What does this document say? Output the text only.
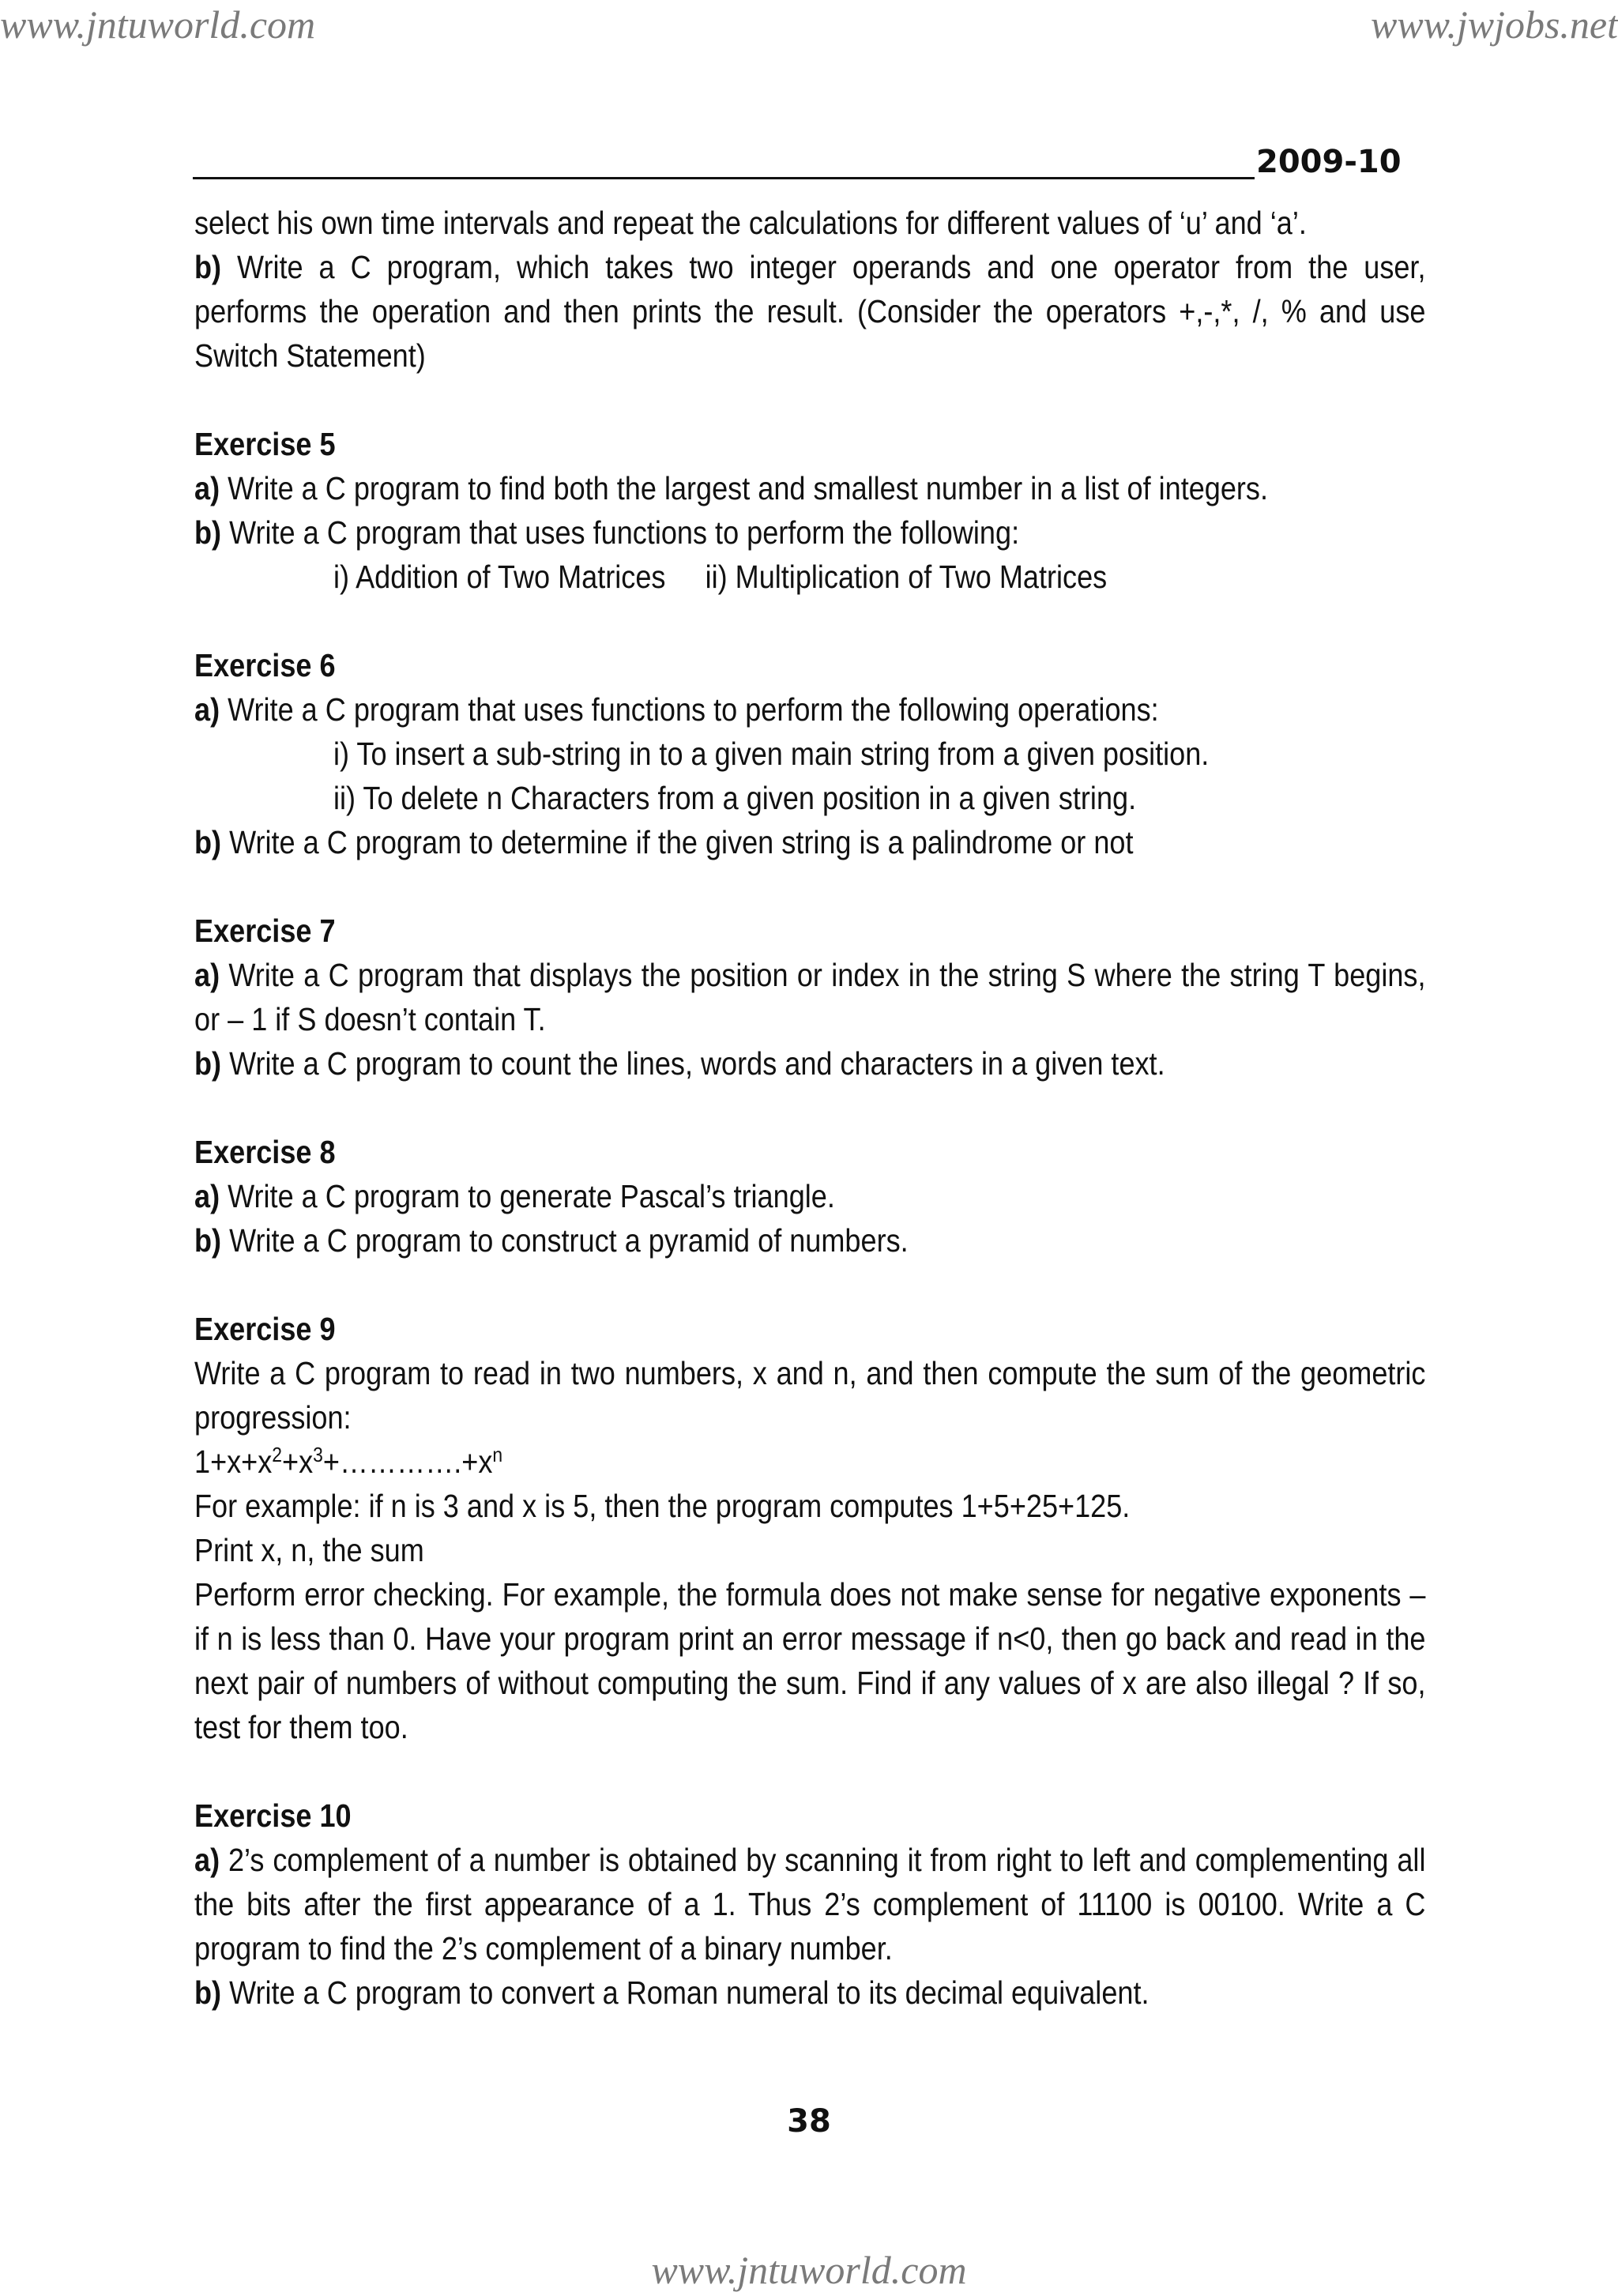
www.jntuworld.com	www.jwjobs.net
2009-10

select his own time intervals and repeat the calculations for different values of ‘u’ and ‘a’.

b) Write a C program, which takes two integer operands and one operator from the user, performs the operation and then prints the result. (Consider the operators +,-,*, /, % and use Switch Statement)

Exercise 5

a) Write a C program to find both the largest and smallest number in a list of integers.

b) Write a C program that uses functions to perform the following:

i) Addition of Two Matrices     ii) Multiplication of Two Matrices

Exercise 6

a) Write a C program that uses functions to perform the following operations:

i) To insert a sub-string in to a given main string from a given position.

ii) To delete n Characters from a given position in a given string.

b) Write a C program to determine if the given string is a palindrome or not

Exercise 7

a) Write a C program that displays the position or index in the string S where the string T begins, or – 1 if S doesn’t contain T.

b) Write a C program to count the lines, words and characters in a given text.

Exercise 8

a) Write a C program to generate Pascal’s triangle.

b) Write a C program to construct a pyramid of numbers.

Exercise 9

Write a C program to read in two numbers, x and n, and then compute the sum of the geometric progression:

$1+x+x^2+x^3+\dots\dots\dots\dots.+x^n$

For example: if n is 3 and x is 5, then the program computes 1+5+25+125.

Print x, n, the sum

Perform error checking. For example, the formula does not make sense for negative exponents – if n is less than 0. Have your program print an error message if n<0, then go back and read in the next pair of numbers of without computing the sum. Find if any values of x are also illegal ? If so, test for them too.

Exercise 10

a) 2’s complement of a number is obtained by scanning it from right to left and complementing all the bits after the first appearance of a 1. Thus 2’s complement of 11100 is 00100. Write a C program to find the 2’s complement of a binary number.

b) Write a C program to convert a Roman numeral to its decimal equivalent.

38
www.jntuworld.com
